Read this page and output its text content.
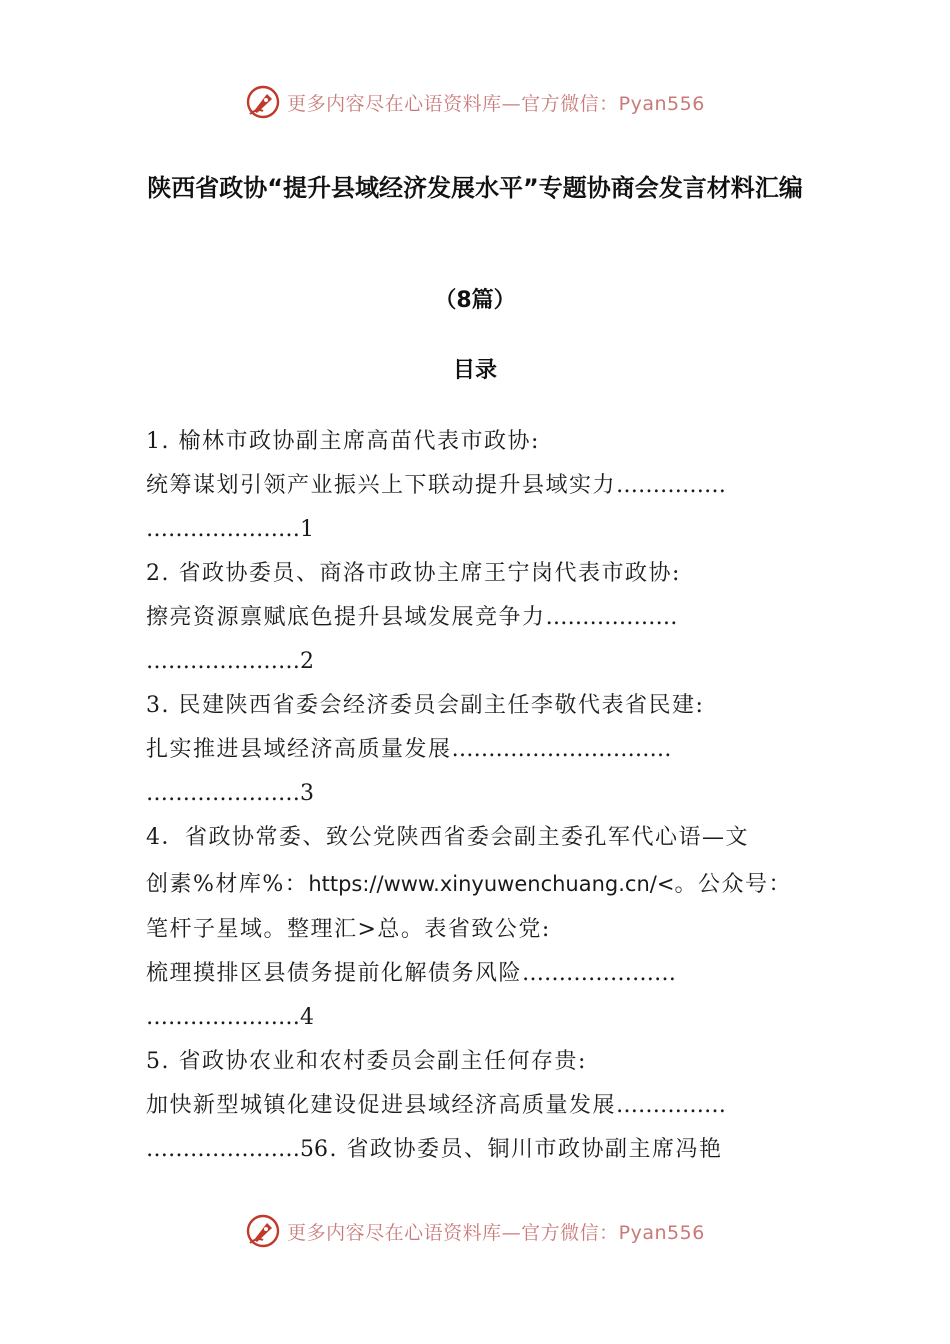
更多内容尽在心语资料库—官方微信：Pyan556
陕西省政协“提升县域经济发展水平”专题协商会发言材料汇编
（8篇）
目录
1. 榆林市政协副主席高苗代表市政协:
统筹谋划引领产业振兴上下联动提升县域实力……………
…………………1
2. 省政协委员、商洛市政协主席王宁岗代表市政协:
擦亮资源禀赋底色提升县域发展竞争力………………
…………………2
3. 民建陕西省委会经济委员会副主任李敬代表省民建:
扎实推进县域经济高质量发展…………………………
…………………3
4．省政协常委、致公党陕西省委会副主委孔军代心语—文
创素%材库%：https://www.xinyuwenchuang.cn/<。公众号：
笔杆子星域。整理汇>总。表省致公党:
梳理摸排区县债务提前化解债务风险…………………
…………………4
5. 省政协农业和农村委员会副主任何存贵:
加快新型城镇化建设促进县域经济高质量发展……………
…………………56. 省政协委员、铜川市政协副主席冯艳
更多内容尽在心语资料库—官方微信：Pyan556
